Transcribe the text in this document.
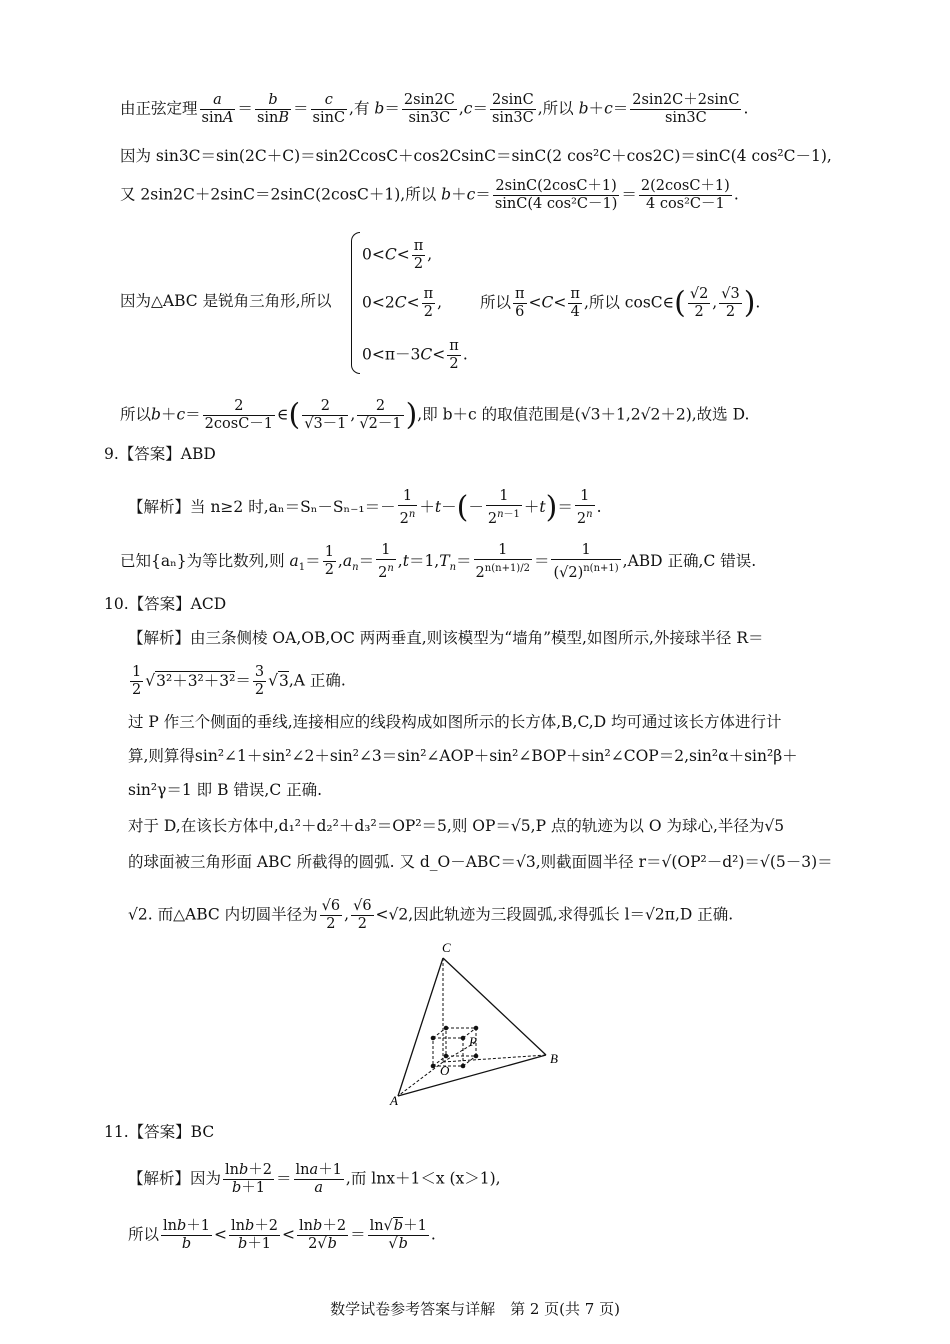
由正弦定理 $\frac{a}{\sin A} = \frac{b}{\sin B} = \frac{c}{\sin C}$ ,有 $b= \frac{2\sin 2C}{\sin 3C} ,c= \frac{2\sin C}{\sin 3C}$ ,所以 $b+c= \frac{2\sin 2C+2\sin C}{\sin 3C}$ .
因为 sin3C＝sin(2C＋C)＝sin2CcosC＋cos2CsinC＝sinC(2 cos²C＋cos2C)＝sinC(4 cos²C－1),
又 2sin2C＋2sinC＝2sinC(2cosC＋1),所以 $b+c= \frac{2\sin C(2\cos C+1)}{\text{sinC(4 cos²C－1)}} = \frac{2(2\cos C+1)}{\text{4 cos²C－1}}$ .
因为△ABC 是锐角三角形,所以
$0<C< \frac{\pi}{2}$ ,
$0<2C< \frac{\pi}{2}$ ,
$0<\pi-3C< \frac{\pi}{2}$ .
所以 $\frac{\pi}{6} <C< \frac{\pi}{4}$ ,所以 cosC∈( $\frac{√2}{2}$ , $\frac{√3}{2}$ ).
所以$b+c= \frac{2}{2\cos C-1}$ ∈( $\frac{2}{√3-1}$ , $\frac{2}{√2-1}$ ),即 b＋c 的取值范围是(√3＋1,2√2＋2),故选 D.
9.【答案】ABD
【解析】当 n≥2 时$,a_n=S_n-S_{n-1}=- \frac{1}{2^n} +t-(- \frac{1}{2^{n-1}} +t)= \frac{1}{2^n}$ .
已知{aₙ}为等比数列,则 $a_1= \frac{1}{2} ,a_n= \frac{1}{2^n} ,t=1,T_n= \frac{1}{2^{n(n+1)/2}} = \frac{1}{(√2)^{n(n+1)}} ,ABD$ 正确,C 错误.
10.【答案】ACD
【解析】由三条侧棱 OA,OB,OC 两两垂直,则该模型为“墙角”模型,如图所示,外接球半径 R＝
$\frac{1}{2} √3^2+3^2+3^2= \frac{3}{2} √3,A$ 正确.
过 P 作三个侧面的垂线,连接相应的线段构成如图所示的长方体,B,C,D 均可通过该长方体进行计
算,则算得sin²∠1＋sin²∠2＋sin²∠3＝sin²∠AOP＋sin²∠BOP＋sin²∠COP＝2,sin²α＋sin²β＋
sin²γ＝1 即 B 错误,C 正确.
对于 D,在该长方体中,d₁²＋d₂²＋d₃²＝OP²＝5,则 OP＝√5,P 点的轨迹为以 O 为球心,半径为√5
的球面被三角形面 ABC 所截得的圆弧. 又 d_O－ABC＝√3,则截面圆半径 r＝√(OP²－d²)＝√(5－3)＝
√2. 而△ABC 内切圆半径为 $\frac{√6}{2}$ , $\frac{√6}{2} <√2$,因此轨迹为三段圆弧,求得弧长 l＝√2π,D 正确.
C
P
O
B
A
11.【答案】BC
【解析】因为 $\frac{\ln b+2}{b+1} = \frac{\ln a+1}{a}$ ,而 lnx＋1＜x (x＞1),
所以 $\frac{\ln b+1}{b} < \frac{\ln b+2}{b+1} < \frac{\ln b+2}{2√b} = \frac{\ln√b+1}{√b}$ .
数学试卷参考答案与详解　第 2 页(共 7 页)
